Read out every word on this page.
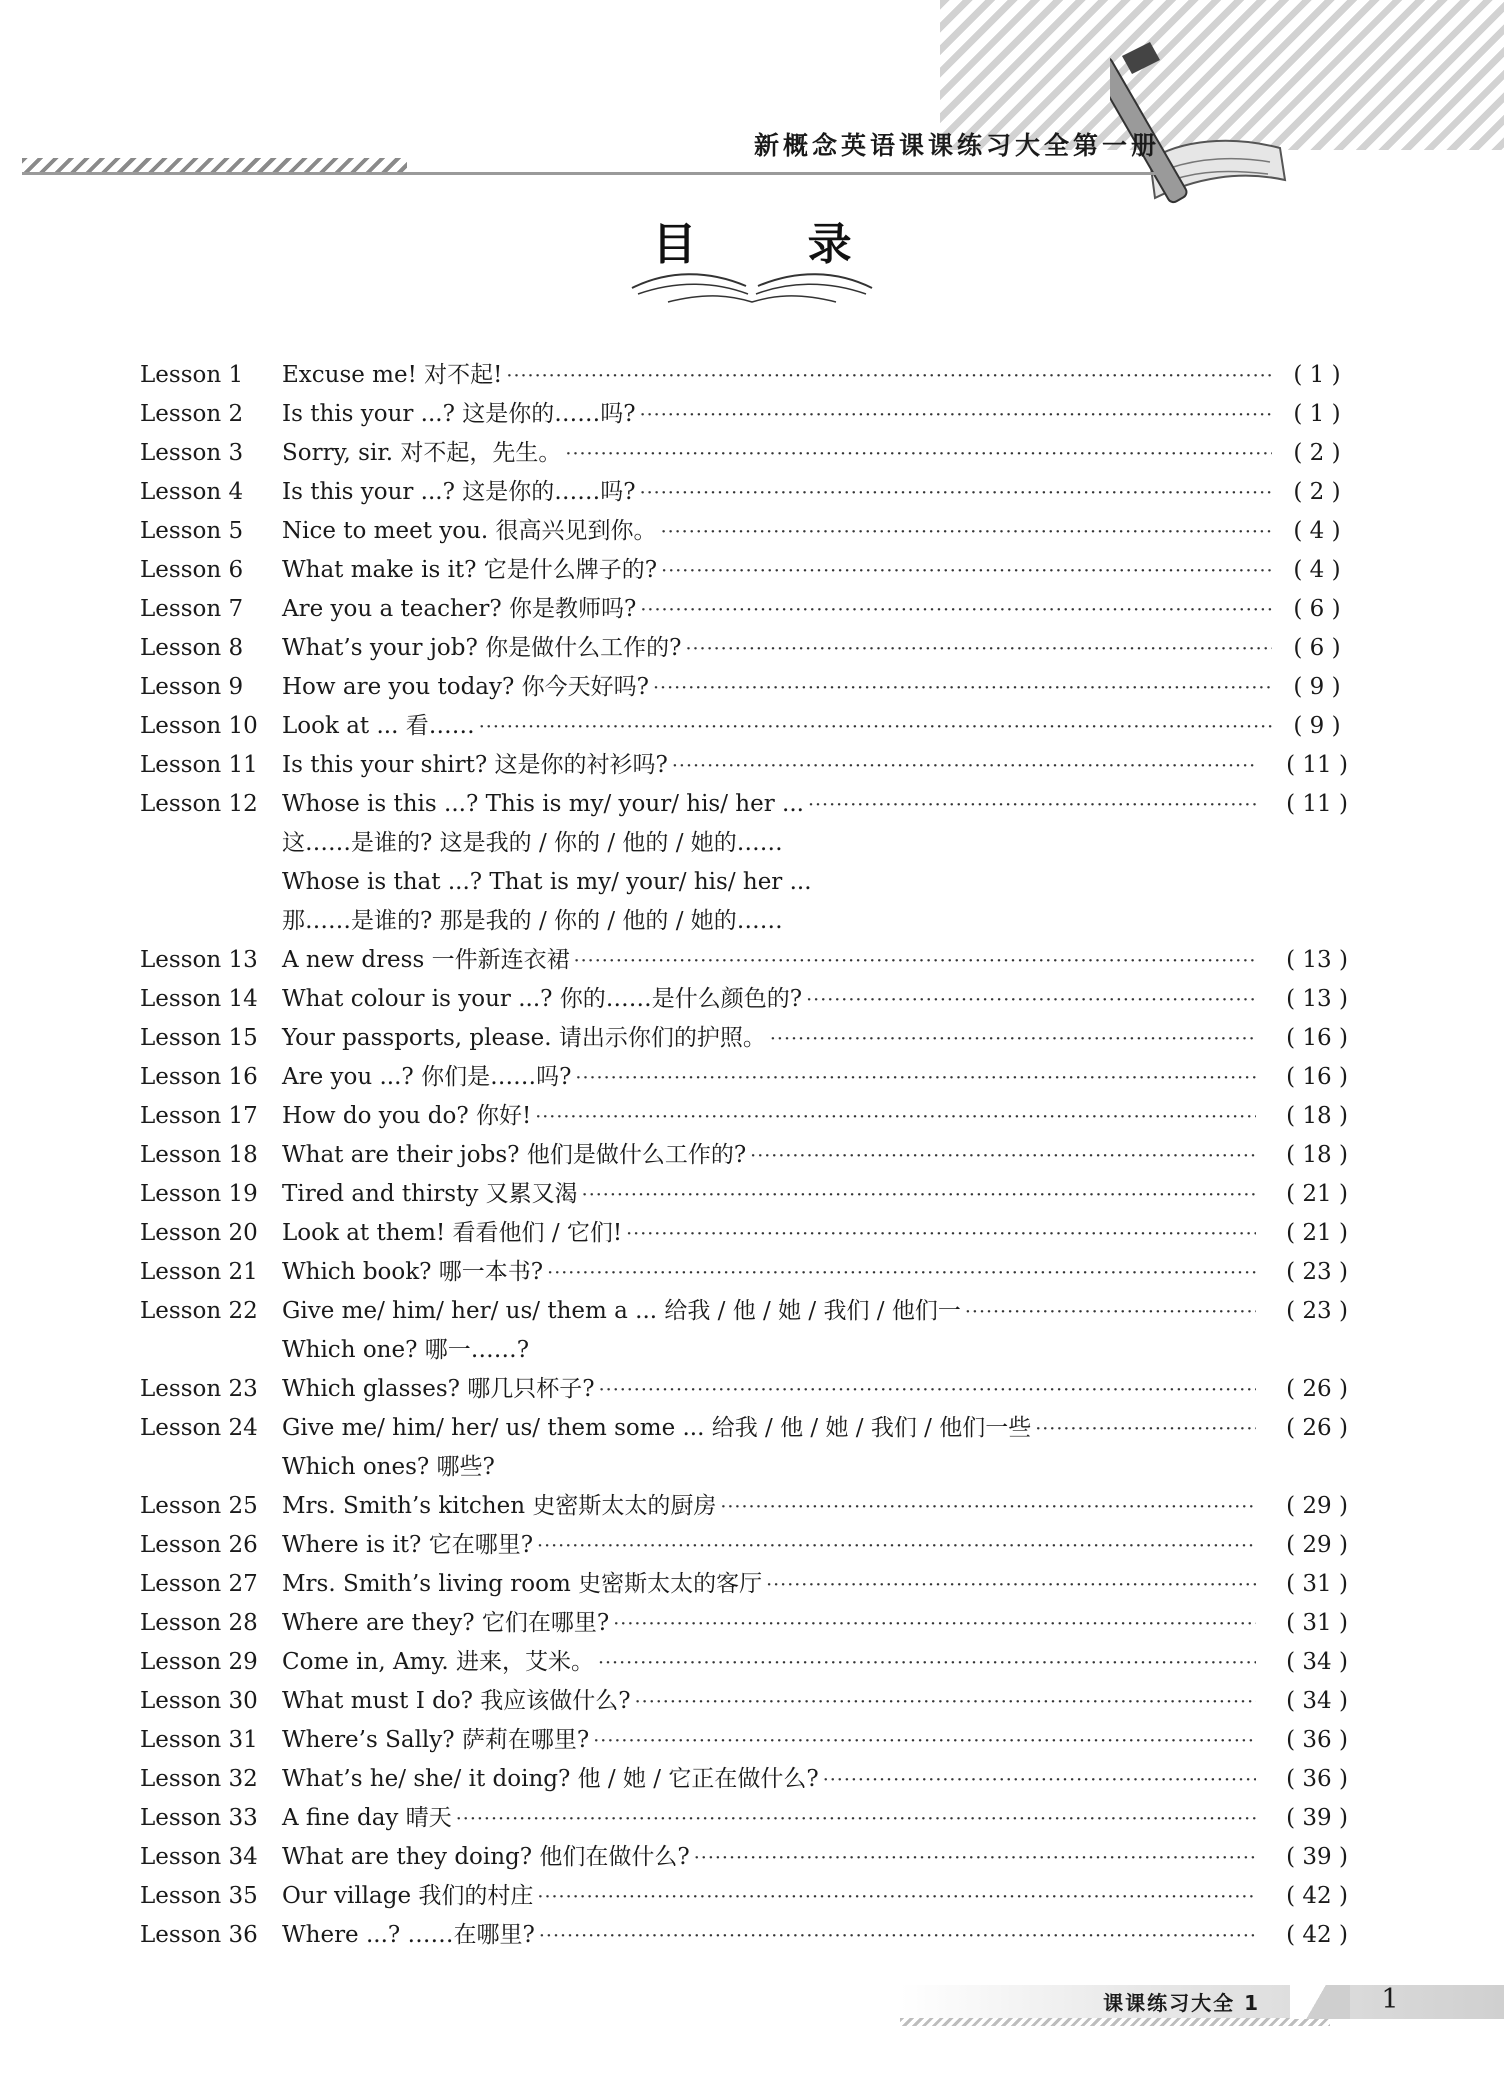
新概念英语课课练习大全第一册
目 录
Lesson 1 Excuse me! 对不起! ·····	( 1 )
Lesson 2 Is this your ...? 这是你的……吗? ·····	( 1 )
Lesson 3 Sorry, sir. 对不起，先生。 ·····	( 2 )
Lesson 4 Is this your ...? 这是你的……吗? ·····	( 2 )
Lesson 5 Nice to meet you. 很高兴见到你。 ·····	( 4 )
Lesson 6 What make is it? 它是什么牌子的? ·····	( 4 )
Lesson 7 Are you a teacher? 你是教师吗? ·····	( 6 )
Lesson 8 What’s your job? 你是做什么工作的? ·····	( 6 )
Lesson 9 How are you today? 你今天好吗? ·····	( 9 )
Lesson 10 Look at ... 看…… ·····	( 9 )
Lesson 11 Is this your shirt? 这是你的衬衫吗? ·····	( 11 )
Lesson 12 Whose is this ...? This is my/ your/ his/ her ... ·····	( 11 )
这……是谁的? 这是我的 / 你的 / 他的 / 她的……
Whose is that ...? That is my/ your/ his/ her ...
那……是谁的? 那是我的 / 你的 / 他的 / 她的……
Lesson 13 A new dress 一件新连衣裙 ·····	( 13 )
Lesson 14 What colour is your ...? 你的……是什么颜色的? ·····	( 13 )
Lesson 15 Your passports, please. 请出示你们的护照。 ·····	( 16 )
Lesson 16 Are you ...? 你们是……吗? ·····	( 16 )
Lesson 17 How do you do? 你好! ·····	( 18 )
Lesson 18 What are their jobs? 他们是做什么工作的? ·····	( 18 )
Lesson 19 Tired and thirsty 又累又渴 ·····	( 21 )
Lesson 20 Look at them! 看看他们 / 它们! ·····	( 21 )
Lesson 21 Which book? 哪一本书? ·····	( 23 )
Lesson 22 Give me/ him/ her/ us/ them a ... 给我 / 他 / 她 / 我们 / 他们一 ·····	( 23 )
Which one? 哪一……?
Lesson 23 Which glasses? 哪几只杯子? ·····	( 26 )
Lesson 24 Give me/ him/ her/ us/ them some ... 给我 / 他 / 她 / 我们 / 他们一些 ·····	( 26 )
Which ones? 哪些?
Lesson 25 Mrs. Smith’s kitchen 史密斯太太的厨房 ·····	( 29 )
Lesson 26 Where is it? 它在哪里? ·····	( 29 )
Lesson 27 Mrs. Smith’s living room 史密斯太太的客厅 ·····	( 31 )
Lesson 28 Where are they? 它们在哪里? ·····	( 31 )
Lesson 29 Come in, Amy. 进来，艾米。 ·····	( 34 )
Lesson 30 What must I do? 我应该做什么? ·····	( 34 )
Lesson 31 Where’s Sally? 萨莉在哪里? ·····	( 36 )
Lesson 32 What’s he/ she/ it doing? 他 / 她 / 它正在做什么? ·····	( 36 )
Lesson 33 A fine day 晴天 ·····	( 39 )
Lesson 34 What are they doing? 他们在做什么? ·····	( 39 )
Lesson 35 Our village 我们的村庄 ·····	( 42 )
Lesson 36 Where ...? ……在哪里? ·····	( 42 )
课课练习大全 1	1
